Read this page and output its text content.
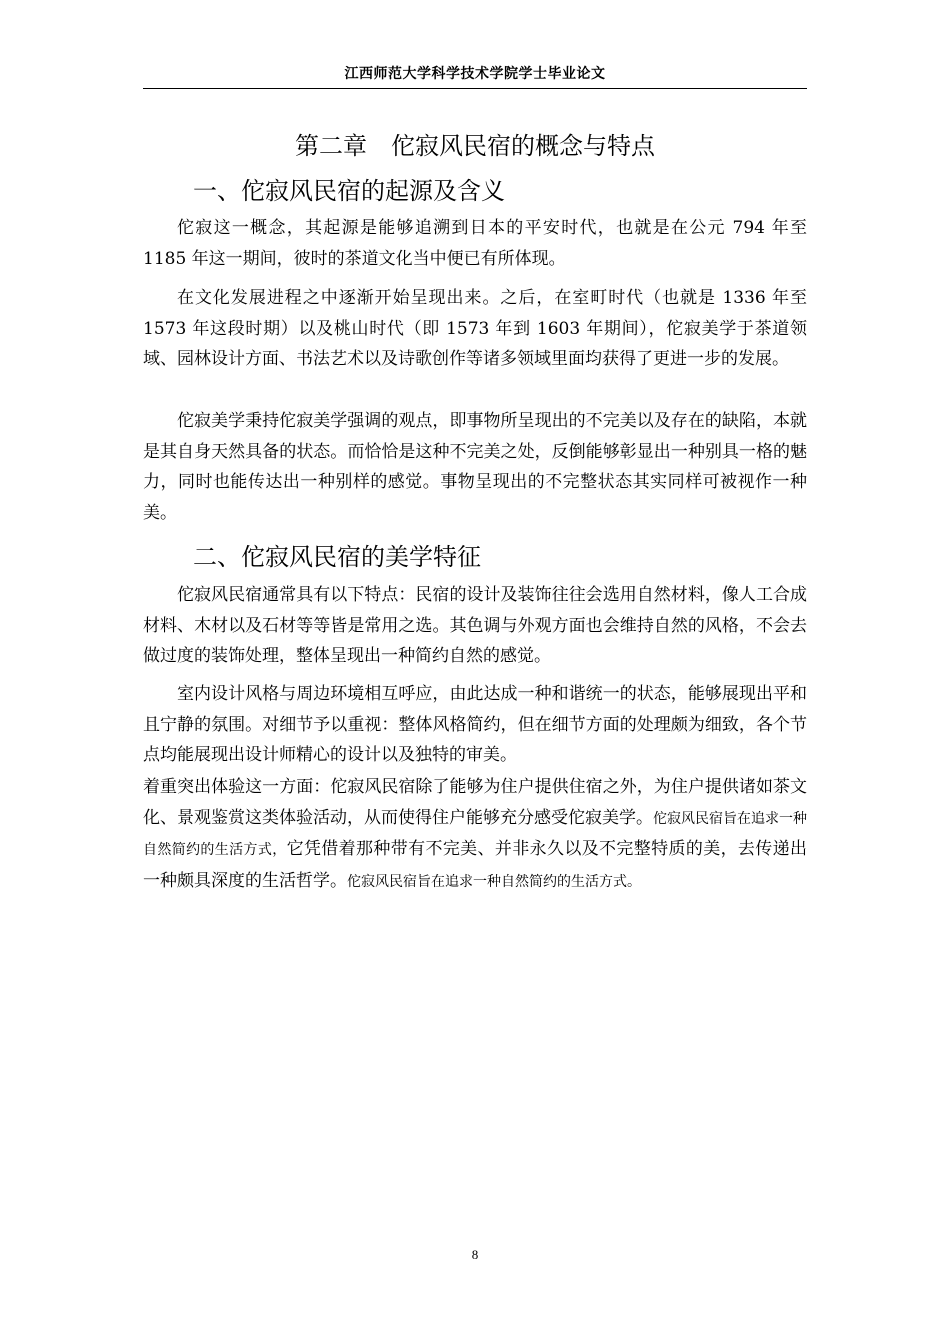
江西师范大学科学技术学院学士毕业论文
第二章　佗寂风民宿的概念与特点
一、佗寂风民宿的起源及含义

佗寂这一概念，其起源是能够追溯到日本的平安时代，也就是在公元 794 年至 1185 年这一期间，彼时的茶道文化当中便已有所体现。

在文化发展进程之中逐渐开始呈现出来。之后，在室町时代（也就是 1336 年至 1573 年这段时期）以及桃山时代（即 1573 年到 1603 年期间），佗寂美学于茶道领域、园林设计方面、书法艺术以及诗歌创作等诸多领域里面均获得了更进一步的发展。

佗寂美学秉持佗寂美学强调的观点，即事物所呈现出的不完美以及存在的缺陷，本就是其自身天然具备的状态。而恰恰是这种不完美之处，反倒能够彰显出一种别具一格的魅力，同时也能传达出一种别样的感觉。事物呈现出的不完整状态其实同样可被视作一种美。

二、佗寂风民宿的美学特征

佗寂风民宿通常具有以下特点：民宿的设计及装饰往往会选用自然材料，像人工合成材料、木材以及石材等等皆是常用之选。其色调与外观方面也会维持自然的风格，不会去做过度的装饰处理，整体呈现出一种简约自然的感觉。

室内设计风格与周边环境相互呼应，由此达成一种和谐统一的状态，能够展现出平和且宁静的氛围。对细节予以重视：整体风格简约，但在细节方面的处理颇为细致，各个节点均能展现出设计师精心的设计以及独特的审美。

着重突出体验这一方面：佗寂风民宿除了能够为住户提供住宿之外，为住户提供诸如茶文化、景观鉴赏这类体验活动，从而使得住户能够充分感受佗寂美学。佗寂风民宿旨在追求一种自然简约的生活方式，它凭借着那种带有不完美、并非永久以及不完整特质的美，去传递出一种颇具深度的生活哲学。佗寂风民宿旨在追求一种自然简约的生活方式。

8
